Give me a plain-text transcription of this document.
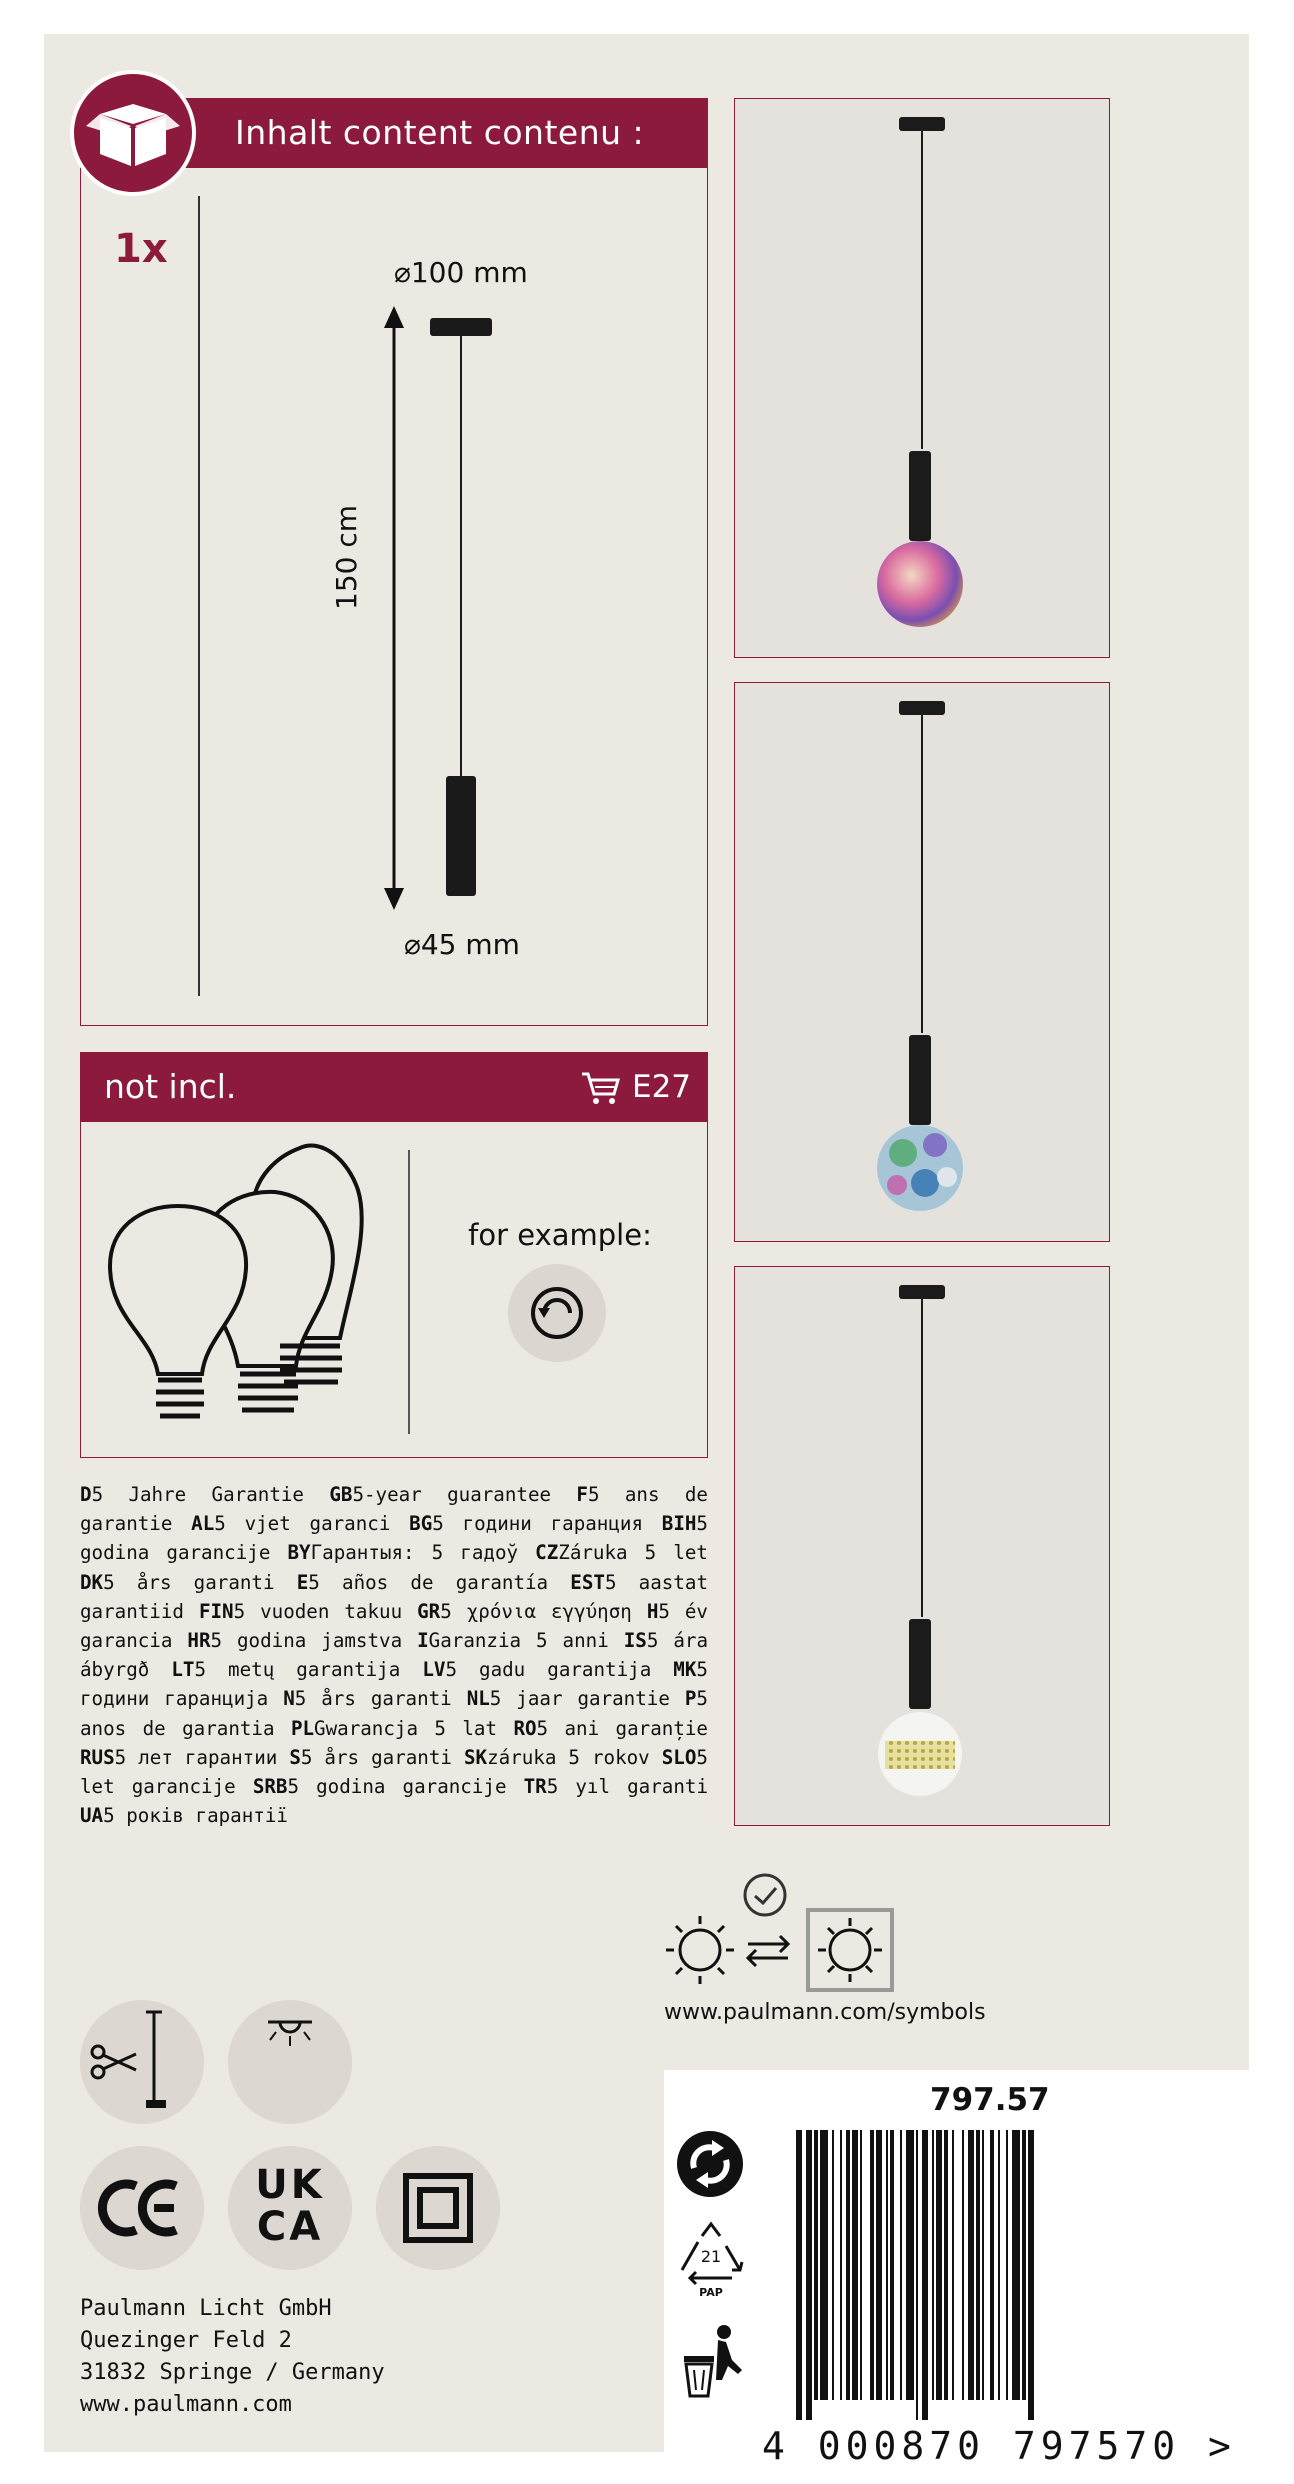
Inhalt content contenu :
1x
⌀100 mm
150 cm
⌀45 mm
not incl.	E27
for example:
D5 Jahre Garantie GB5-year guarantee F5 ans de garantie AL5 vjet garanci BG5 години гаранция BIH5 godina garancije BYГарантыя: 5 гадоў CZZáruka 5 let DK5 års garanti E5 años de garantía EST5 aastat garantiid FIN5 vuoden takuu GR5 χρόνια εγγύηση H5 év garancia HR5 godina jamstva IGaranzia 5 anni IS5 ára ábyrgð LT5 metų garantija LV5 gadu garantija MK5 години гаранција N5 års garanti NL5 jaar garantie P5 anos de garantia PLGwarancja 5 lat RO5 ani garanție RUS5 лет гарантии S5 års garanti SKzáruka 5 rokov SLO5 let garancije SRB5 godina garancije TR5 yıl garanti UA5 років гарантії
www.paulmann.com/symbols
UK
CA
Paulmann Licht GmbH
Quezinger Feld 2
31832 Springe / Germany
www.paulmann.com
797.57
21
PAP
4 000870 797570 >
